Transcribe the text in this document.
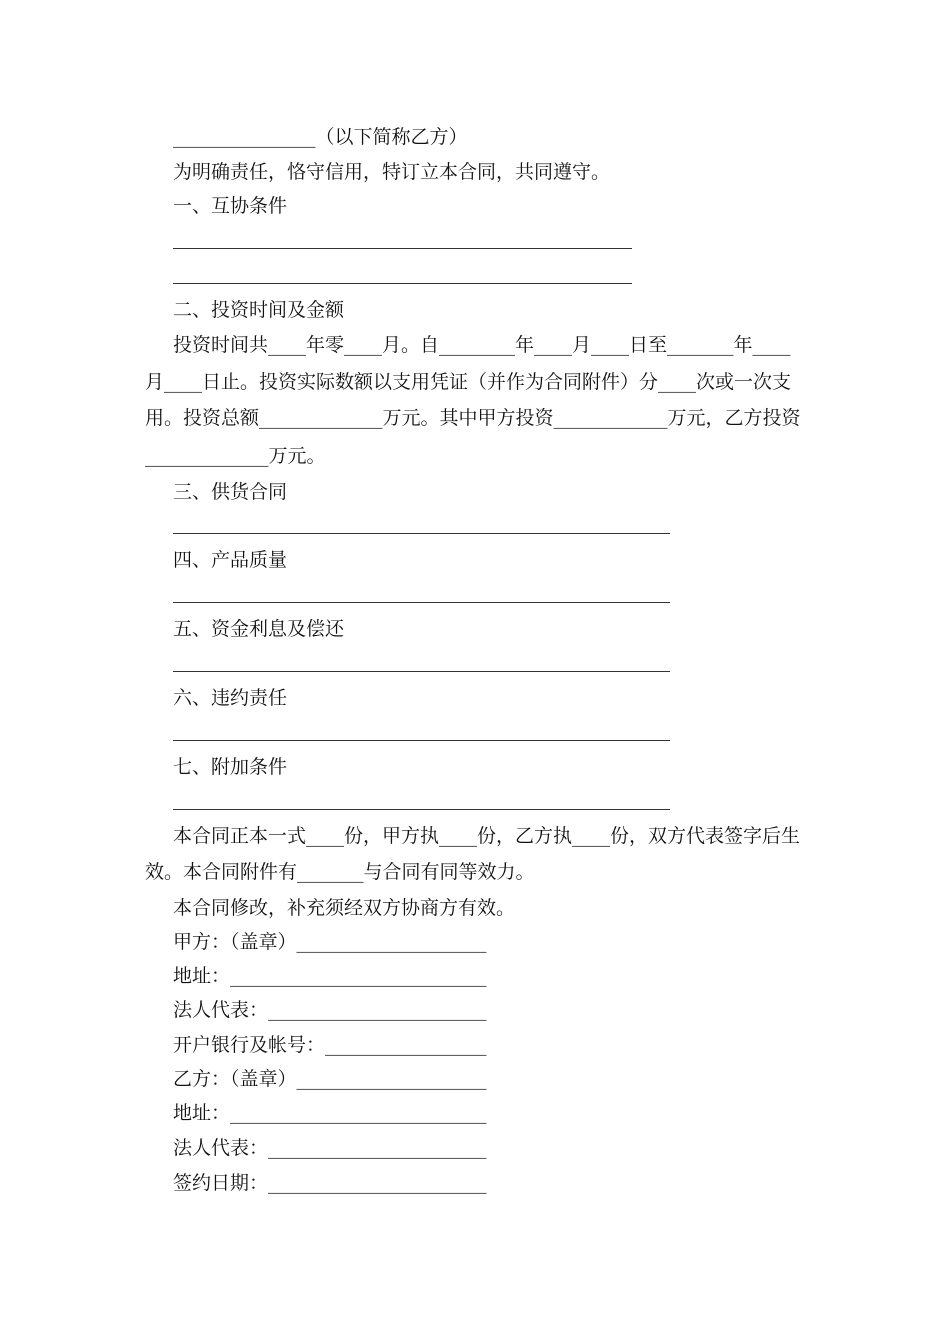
_______________（以下简称乙方）
为明确责任，恪守信用，特订立本合同，共同遵守。
一、互协条件
二、投资时间及金额
投资时间共____年零____月。自________年____月____日至_______年____
月____日止。投资实际数额以支用凭证（并作为合同附件）分____次或一次支
用。投资总额_____________万元。其中甲方投资____________万元，乙方投资
_____________万元。
三、供货合同
四、产品质量
五、资金利息及偿还
六、违约责任
七、附加条件
本合同正本一式____份，甲方执____份，乙方执____份，双方代表签字后生
效。本合同附件有_______与合同有同等效力。
本合同修改，补充须经双方协商方有效。
甲方：（盖章）____________________
地址：___________________________
法人代表：_______________________
开户银行及帐号：_________________
乙方：（盖章）____________________
地址：___________________________
法人代表：_______________________
签约日期：_______________________
